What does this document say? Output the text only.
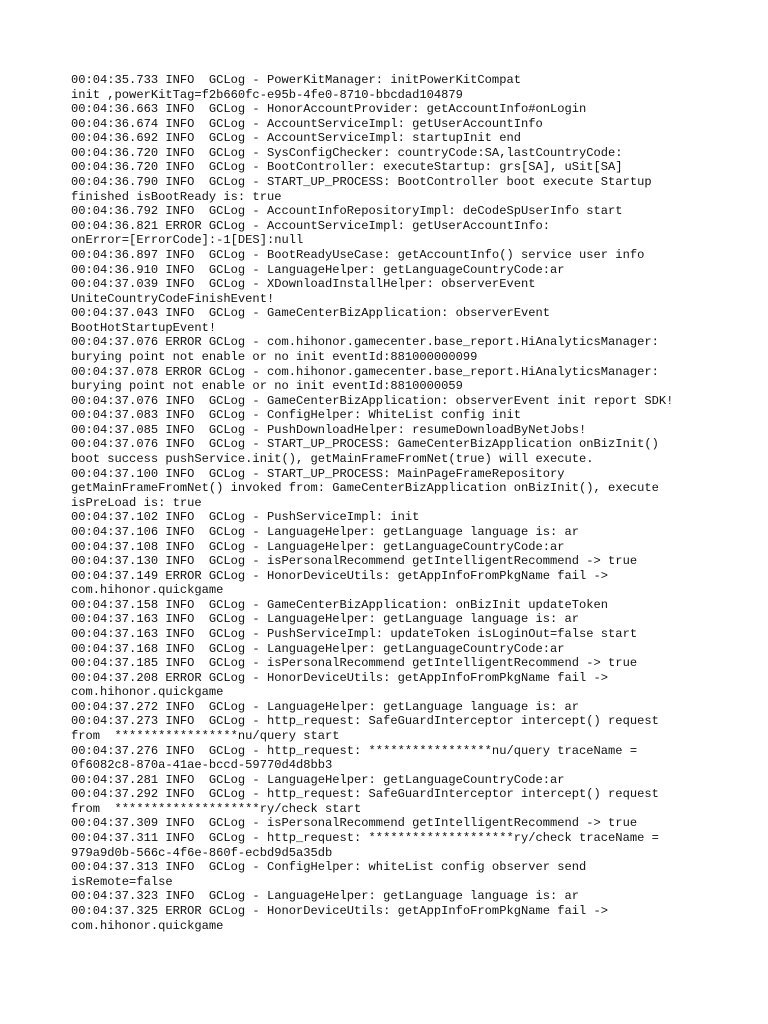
00:04:35.733 INFO  GCLog - PowerKitManager: initPowerKitCompat
init ,powerKitTag=f2b660fc-e95b-4fe0-8710-bbcdad104879
00:04:36.663 INFO  GCLog - HonorAccountProvider: getAccountInfo#onLogin
00:04:36.674 INFO  GCLog - AccountServiceImpl: getUserAccountInfo
00:04:36.692 INFO  GCLog - AccountServiceImpl: startupInit end
00:04:36.720 INFO  GCLog - SysConfigChecker: countryCode:SA,lastCountryCode:
00:04:36.720 INFO  GCLog - BootController: executeStartup: grs[SA], uSit[SA]
00:04:36.790 INFO  GCLog - START_UP_PROCESS: BootController boot execute Startup
finished isBootReady is: true
00:04:36.792 INFO  GCLog - AccountInfoRepositoryImpl: deCodeSpUserInfo start
00:04:36.821 ERROR GCLog - AccountServiceImpl: getUserAccountInfo:
onError=[ErrorCode]:-1[DES]:null
00:04:36.897 INFO  GCLog - BootReadyUseCase: getAccountInfo() service user info
00:04:36.910 INFO  GCLog - LanguageHelper: getLanguageCountryCode:ar
00:04:37.039 INFO  GCLog - XDownloadInstallHelper: observerEvent
UniteCountryCodeFinishEvent!
00:04:37.043 INFO  GCLog - GameCenterBizApplication: observerEvent
BootHotStartupEvent!
00:04:37.076 ERROR GCLog - com.hihonor.gamecenter.base_report.HiAnalyticsManager:
burying point not enable or no init eventId:881000000099
00:04:37.078 ERROR GCLog - com.hihonor.gamecenter.base_report.HiAnalyticsManager:
burying point not enable or no init eventId:8810000059
00:04:37.076 INFO  GCLog - GameCenterBizApplication: observerEvent init report SDK!
00:04:37.083 INFO  GCLog - ConfigHelper: WhiteList config init
00:04:37.085 INFO  GCLog - PushDownloadHelper: resumeDownloadByNetJobs!
00:04:37.076 INFO  GCLog - START_UP_PROCESS: GameCenterBizApplication onBizInit()
boot success pushService.init(), getMainFrameFromNet(true) will execute.
00:04:37.100 INFO  GCLog - START_UP_PROCESS: MainPageFrameRepository
getMainFrameFromNet() invoked from: GameCenterBizApplication onBizInit(), execute
isPreLoad is: true
00:04:37.102 INFO  GCLog - PushServiceImpl: init
00:04:37.106 INFO  GCLog - LanguageHelper: getLanguage language is: ar
00:04:37.108 INFO  GCLog - LanguageHelper: getLanguageCountryCode:ar
00:04:37.130 INFO  GCLog - isPersonalRecommend getIntelligentRecommend -> true
00:04:37.149 ERROR GCLog - HonorDeviceUtils: getAppInfoFromPkgName fail ->
com.hihonor.quickgame
00:04:37.158 INFO  GCLog - GameCenterBizApplication: onBizInit updateToken
00:04:37.163 INFO  GCLog - LanguageHelper: getLanguage language is: ar
00:04:37.163 INFO  GCLog - PushServiceImpl: updateToken isLoginOut=false start
00:04:37.168 INFO  GCLog - LanguageHelper: getLanguageCountryCode:ar
00:04:37.185 INFO  GCLog - isPersonalRecommend getIntelligentRecommend -> true
00:04:37.208 ERROR GCLog - HonorDeviceUtils: getAppInfoFromPkgName fail ->
com.hihonor.quickgame
00:04:37.272 INFO  GCLog - LanguageHelper: getLanguage language is: ar
00:04:37.273 INFO  GCLog - http_request: SafeGuardInterceptor intercept() request
from  *****************nu/query start
00:04:37.276 INFO  GCLog - http_request: *****************nu/query traceName =
0f6082c8-870a-41ae-bccd-59770d4d8bb3
00:04:37.281 INFO  GCLog - LanguageHelper: getLanguageCountryCode:ar
00:04:37.292 INFO  GCLog - http_request: SafeGuardInterceptor intercept() request
from  ********************ry/check start
00:04:37.309 INFO  GCLog - isPersonalRecommend getIntelligentRecommend -> true
00:04:37.311 INFO  GCLog - http_request: ********************ry/check traceName =
979a9d0b-566c-4f6e-860f-ecbd9d5a35db
00:04:37.313 INFO  GCLog - ConfigHelper: whiteList config observer send
isRemote=false
00:04:37.323 INFO  GCLog - LanguageHelper: getLanguage language is: ar
00:04:37.325 ERROR GCLog - HonorDeviceUtils: getAppInfoFromPkgName fail ->
com.hihonor.quickgame
